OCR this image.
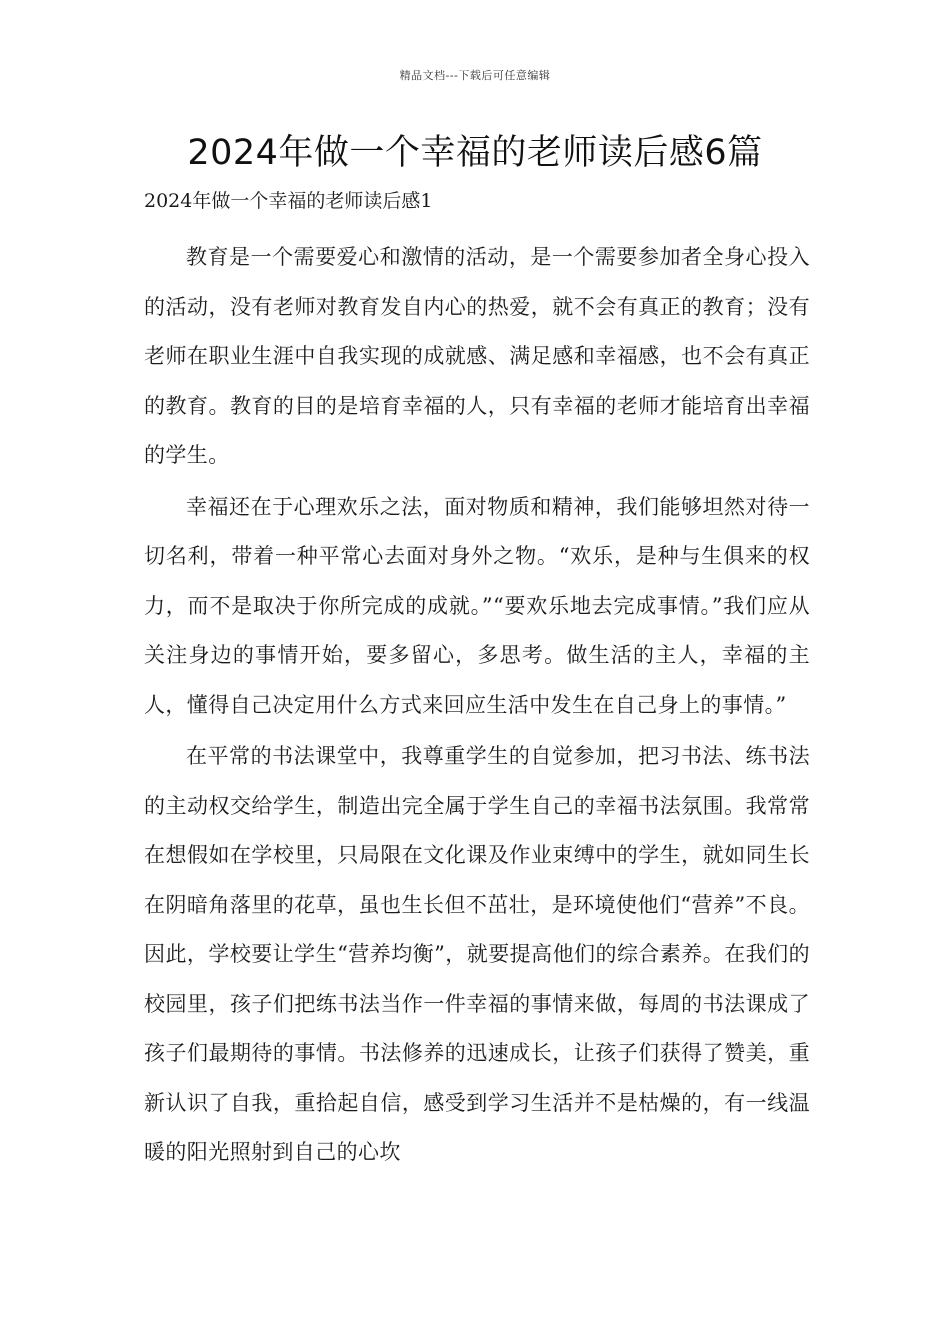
精品文档---下载后可任意编辑
2024年做一个幸福的老师读后感6篇
2024年做一个幸福的老师读后感1

教育是一个需要爱心和激情的活动，是一个需要参加者全身心投入的活动，没有老师对教育发自内心的热爱，就不会有真正的教育；没有老师在职业生涯中自我实现的成就感、满足感和幸福感，也不会有真正的教育。教育的目的是培育幸福的人，只有幸福的老师才能培育出幸福的学生。

幸福还在于心理欢乐之法，面对物质和精神，我们能够坦然对待一切名利，带着一种平常心去面对身外之物。“欢乐，是种与生俱来的权力，而不是取决于你所完成的成就。”“要欢乐地去完成事情。”我们应从关注身边的事情开始，要多留心，多思考。做生活的主人，幸福的主人，懂得自己决定用什么方式来回应生活中发生在自己身上的事情。”

在平常的书法课堂中，我尊重学生的自觉参加，把习书法、练书法的主动权交给学生，制造出完全属于学生自己的幸福书法氛围。我常常在想假如在学校里，只局限在文化课及作业束缚中的学生，就如同生长在阴暗角落里的花草，虽也生长但不茁壮，是环境使他们“营养”不良。因此，学校要让学生“营养均衡”，就要提高他们的综合素养。在我们的校园里，孩子们把练书法当作一件幸福的事情来做，每周的书法课成了孩子们最期待的事情。书法修养的迅速成长，让孩子们获得了赞美，重新认识了自我，重拾起自信，感受到学习生活并不是枯燥的，有一线温暖的阳光照射到自己的心坎
